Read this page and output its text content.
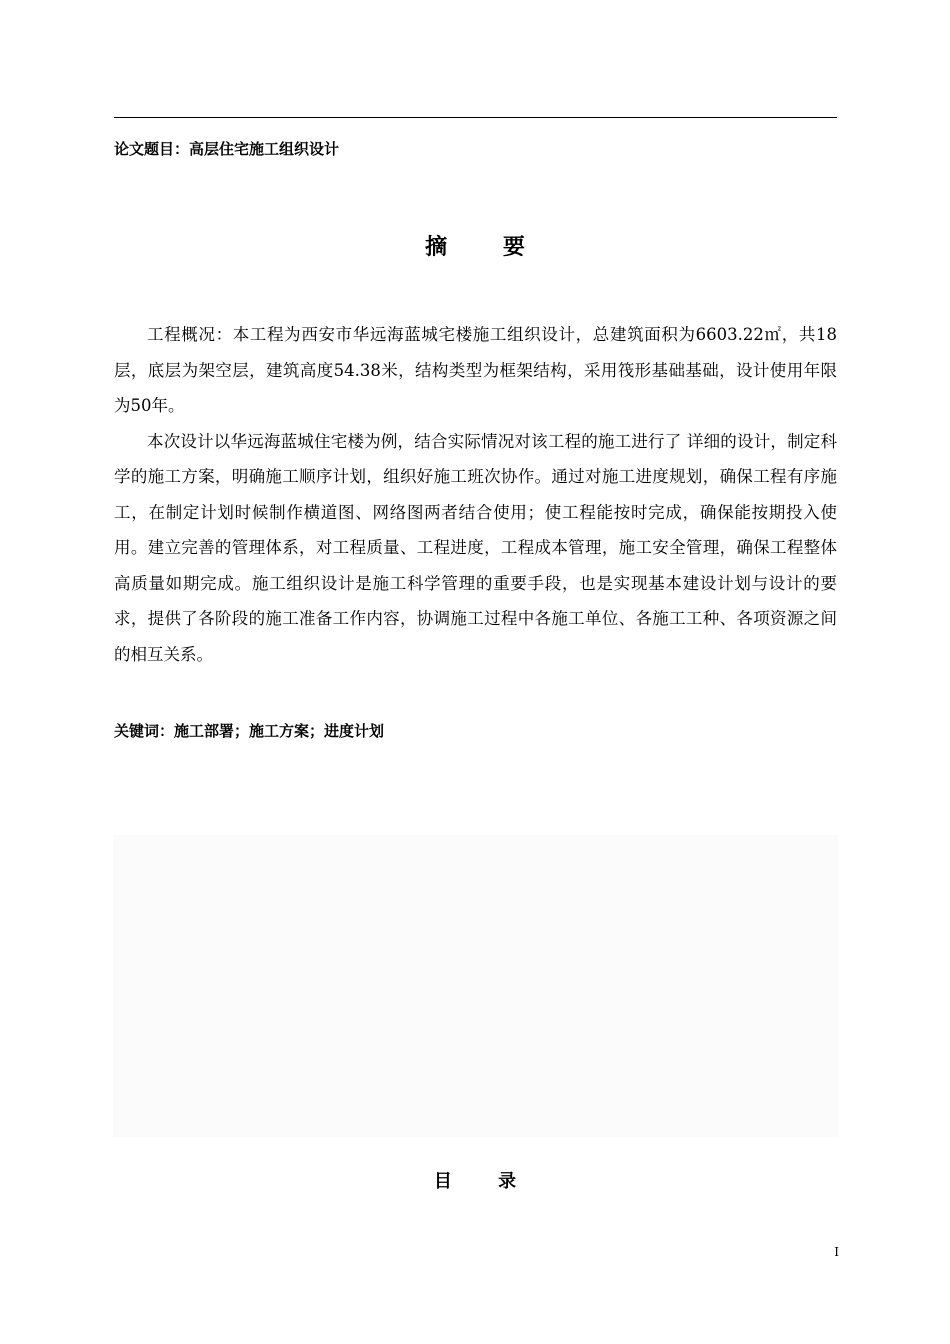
论文题目：高层住宅施工组织设计
摘 要

工程概况：本工程为西安市华远海蓝城宅楼施工组织设计，总建筑面积为6603.22㎡，共18层，底层为架空层，建筑高度54.38米，结构类型为框架结构，采用筏形基础基础，设计使用年限为50年。

本次设计以华远海蓝城住宅楼为例，结合实际情况对该工程的施工进行了 详细的设计，制定科学的施工方案，明确施工顺序计划，组织好施工班次协作。通过对施工进度规划，确保工程有序施工，在制定计划时候制作横道图、网络图两者结合使用；使工程能按时完成，确保能按期投入使用。建立完善的管理体系，对工程质量、工程进度，工程成本管理，施工安全管理，确保工程整体高质量如期完成。施工组织设计是施工科学管理的重要手段，也是实现基本建设计划与设计的要求，提供了各阶段的施工准备工作内容，协调施工过程中各施工单位、各施工工种、各项资源之间的相互关系。

关键词：施工部署；施工方案；进度计划
目 录
I
